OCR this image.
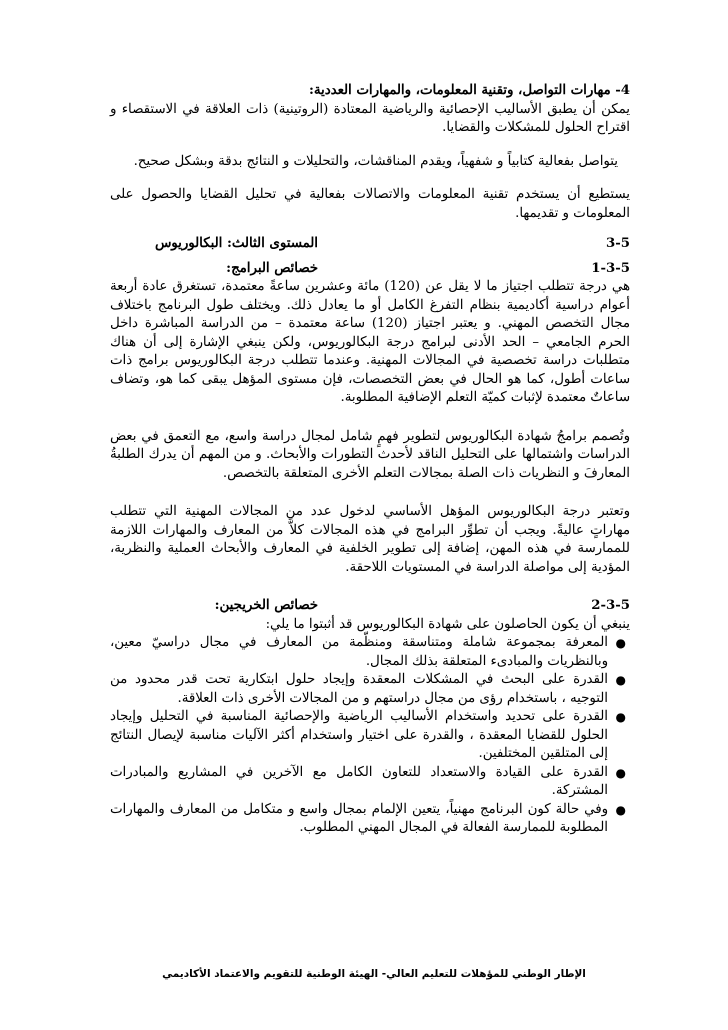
4- مهارات التواصل، وتقنية المعلومات، والمهارات العددية:

يمكن أن يطبق الأساليب الإحصائية والرياضية المعتادة (الروتينية) ذات العلاقة في الاستقصاء و اقتراح الحلول للمشكلات والقضايا.

يتواصل بفعالية كتابياً و شفهياً، ويقدم المناقشات، والتحليلات و النتائج بدقة وبشكل صحيح.

يستطيع أن يستخدم تقنية المعلومات والاتصالات بفعالية في تحليل القضايا والحصول على المعلومات و تقديمها.

3-5
المستوى الثالث: البكالوريوس
1-3-5
خصائص البرامج:

هي درجة تتطلب اجتياز ما لا يقل عن (120) مائة وعشرين ساعةً معتمدة، تستغرق عادة أربعة أعوام دراسية أكاديمية بنظام التفرغ الكامل أو ما يعادل ذلك. ويختلف طول البرنامج باختلاف مجال التخصص المهني. و يعتبر اجتياز (120) ساعة معتمدة – من الدراسة المباشرة داخل الحرم الجامعي – الحد الأدنى لبرامج درجة البكالوريوس، ولكن ينبغي الإشارة إلى أن هناك متطلبات دراسة تخصصية في المجالات المهنية. وعندما تتطلب درجة البكالوريوس برامج ذات ساعات أطول، كما هو الحال في بعض التخصصات، فإن مستوى المؤهل يبقى كما هو، وتضاف ساعاتٌ معتمدة لإثبات كميّة التعلم الإضافية المطلوبة.

وتُصمم برامجُ شهادة البكالوريوس لتطوير فهمٍ شامل لمجال دراسة واسع، مع التعمق في بعض الدراسات واشتمالها على التحليل الناقد لأحدث التطورات والأبحاث. و من المهم أن يدرك الطلبةُ المعارفَ و النظريات ذات الصلة بمجالات التعلم الأخرى المتعلقة بالتخصص.

وتعتبر درجة البكالوريوس المؤهل الأساسي لدخول عدد من المجالات المهنية التي تتطلب مهاراتٍ عاليةً. ويجب أن تطوِّر البرامج في هذه المجالات كلاًّ من المعارف والمهارات اللازمة للممارسة في هذه المهن، إضافة إلى تطوير الخلفية في المعارف والأبحاث العملية والنظرية، المؤدية إلى مواصلة الدراسة في المستويات اللاحقة.

2-3-5
خصائص الخريجين:

ينبغي أن يكون الحاصلون على شهادة البكالوريوس قد أثبتوا ما يلي:

●
المعرفة بمجموعة شاملة ومتناسقة ومنظّمة من المعارف في مجال دراسيّ معين، وبالنظريات والمبادىء المتعلقة بذلك المجال.
●
القدرة على البحث في المشكلات المعقدة وإيجاد حلول ابتكارية تحت قدر محدود من التوجيه ، باستخدام رؤى من مجال دراستهم و من المجالات الأخرى ذات العلاقة.
●
القدرة على تحديد واستخدام الأساليب الرياضية والإحصائية المناسبة في التحليل وإيجاد الحلول للقضايا المعقدة ، والقدرة على اختيار واستخدام أكثر الآليات مناسبة لإيصال النتائج إلى المتلقين المختلفين.
●
القدرة على القيادة والاستعداد للتعاون الكامل مع الآخرين في المشاريع والمبادرات المشتركة.
●
وفي حالة كون البرنامج مهنياً، يتعين الإلمام بمجال واسع و متكامل من المعارف والمهارات المطلوبة للممارسة الفعالة في المجال المهني المطلوب.
الإطار الوطني للمؤهلات للتعليم العالي- الهيئة الوطنية للتقويم والاعتماد الأكاديمي
